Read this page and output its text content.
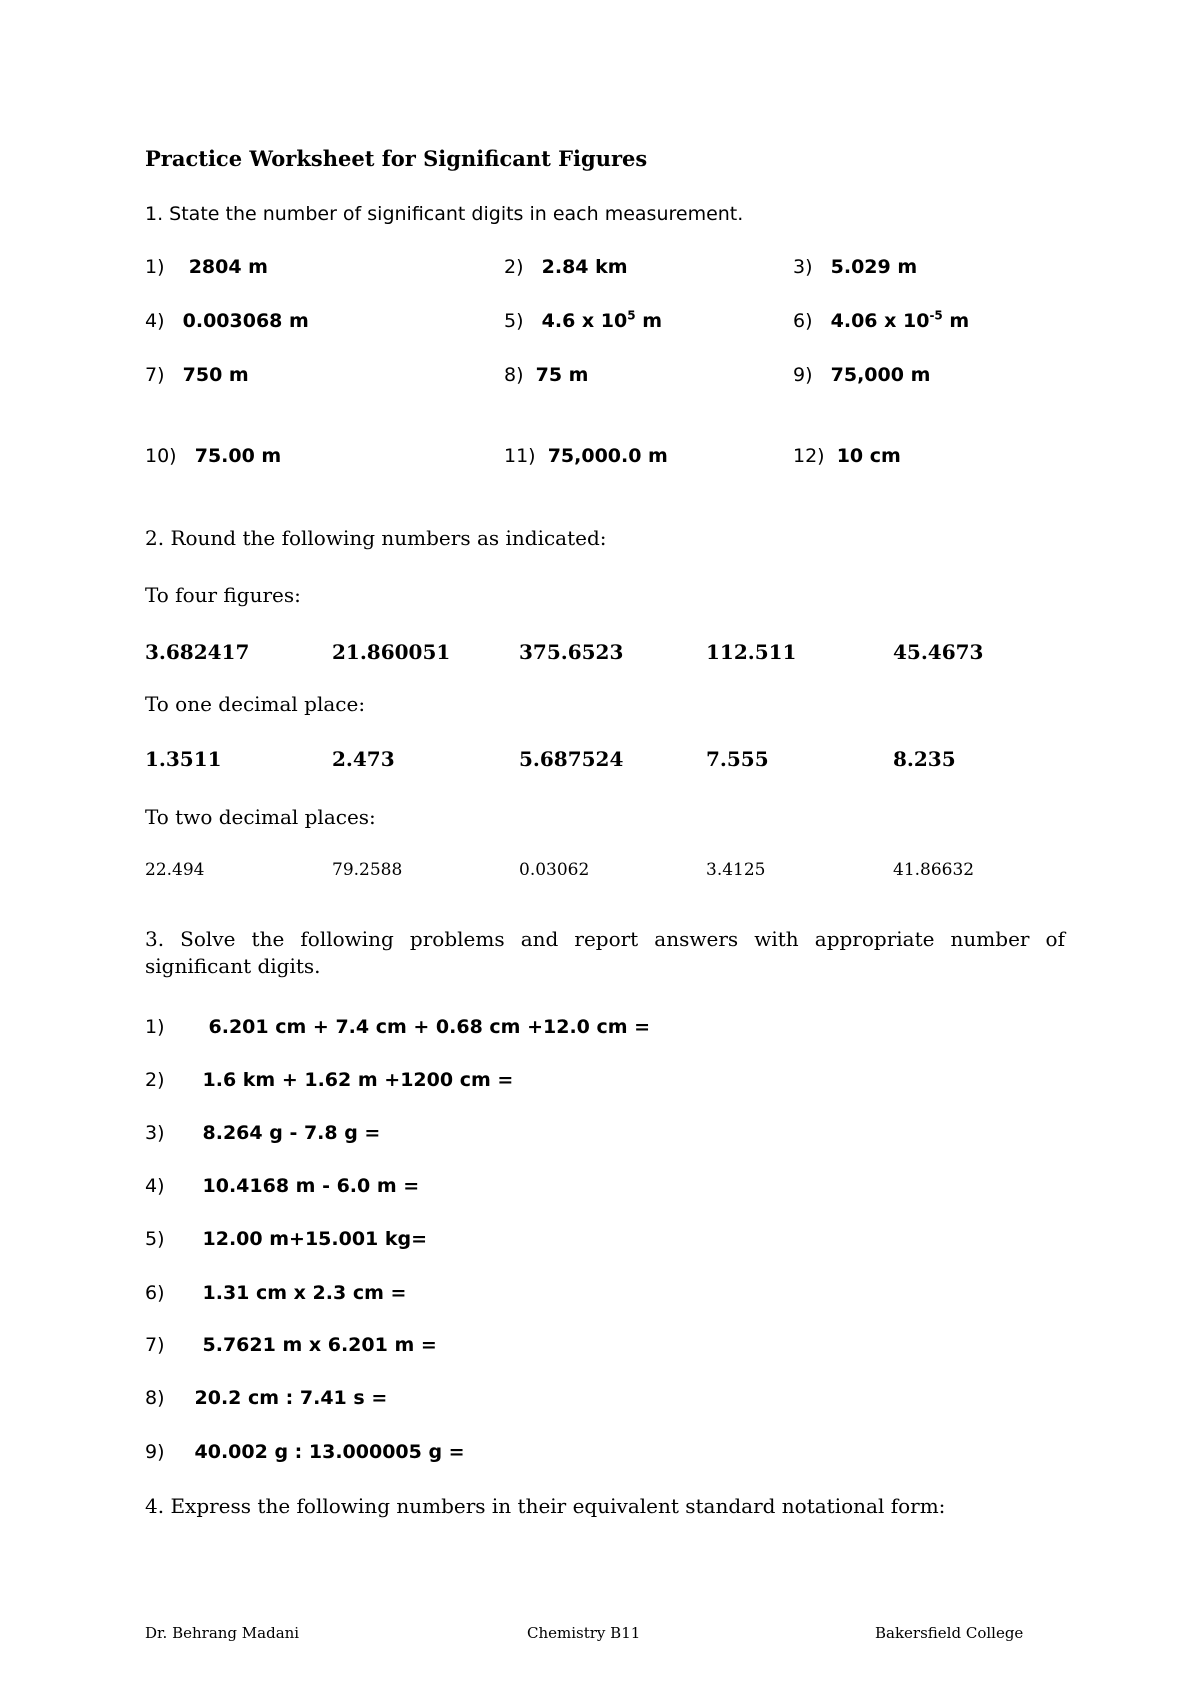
Practice Worksheet for Significant Figures
1. State the number of significant digits in each measurement.
1) 2804 m	2) 2.84 km	3) 5.029 m
4) 0.003068 m	5) 4.6 x $10^5$ m	6) 4.06 x $10^{-5}$ m
7) 750 m	8) 75 m	9) 75,000 m
10) 75.00 m	11) 75,000.0 m	12) 10 cm
2. Round the following numbers as indicated:
To four figures:
3.682417	21.860051	375.6523	112.511	45.4673
To one decimal place:
1.3511	2.473	5.687524	7.555	8.235
To two decimal places:
22.494	79.2588	0.03062	3.4125	41.86632
3. Solve the following problems and report answers with appropriate number of significant digits.
1) 6.201 cm + 7.4 cm + 0.68 cm +12.0 cm =
2) 1.6 km + 1.62 m +1200 cm =
3) 8.264 g - 7.8 g =
4) 10.4168 m - 6.0 m =
5) 12.00 m+15.001 kg=
6) 1.31 cm x 2.3 cm =
7) 5.7621 m x 6.201 m =
8) 20.2 cm : 7.41 s =
9) 40.002 g : 13.000005 g =
4. Express the following numbers in their equivalent standard notational form:
Dr. Behrang Madani	Chemistry B11	Bakersfield College
